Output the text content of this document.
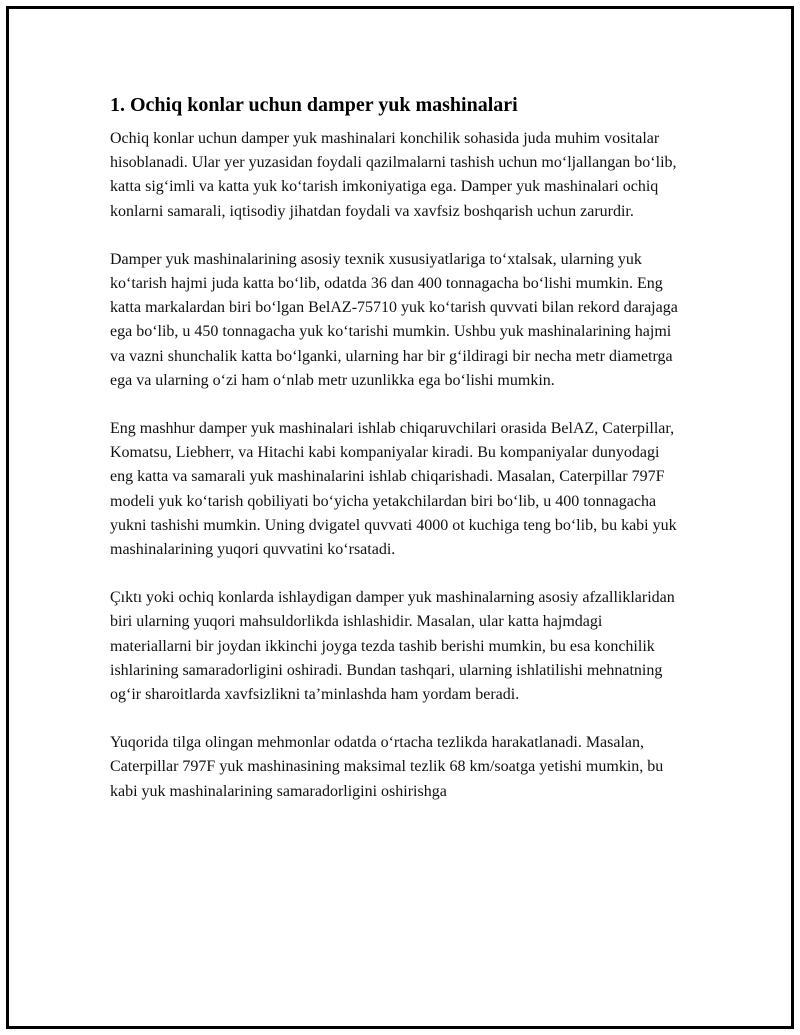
1. Ochiq konlar uchun damper yuk mashinalari

Ochiq konlar uchun damper yuk mashinalari konchilik sohasida juda muhim vositalar hisoblanadi. Ular yer yuzasidan foydali qazilmalarni tashish uchun mo‘ljallangan bo‘lib, katta sig‘imli va katta yuk ko‘tarish imkoniyatiga ega. Damper yuk mashinalari ochiq konlarni samarali, iqtisodiy jihatdan foydali va xavfsiz boshqarish uchun zarurdir.

Damper yuk mashinalarining asosiy texnik xususiyatlariga to‘xtalsak, ularning yuk ko‘tarish hajmi juda katta bo‘lib, odatda 36 dan 400 tonnagacha bo‘lishi mumkin. Eng katta markalardan biri bo‘lgan BelAZ-75710 yuk ko‘tarish quvvati bilan rekord darajaga ega bo‘lib, u 450 tonnagacha yuk ko‘tarishi mumkin. Ushbu yuk mashinalarining hajmi va vazni shunchalik katta bo‘lganki, ularning har bir g‘ildiragi bir necha metr diametrga ega va ularning o‘zi ham o‘nlab metr uzunlikka ega bo‘lishi mumkin.

Eng mashhur damper yuk mashinalari ishlab chiqaruvchilari orasida BelAZ, Caterpillar, Komatsu, Liebherr, va Hitachi kabi kompaniyalar kiradi. Bu kompaniyalar dunyodagi eng katta va samarali yuk mashinalarini ishlab chiqarishadi. Masalan, Caterpillar 797F modeli yuk ko‘tarish qobiliyati bo‘yicha yetakchilardan biri bo‘lib, u 400 tonnagacha yukni tashishi mumkin. Uning dvigatel quvvati 4000 ot kuchiga teng bo‘lib, bu kabi yuk mashinalarining yuqori quvvatini ko‘rsatadi.

Çıktı yoki ochiq konlarda ishlaydigan damper yuk mashinalarning asosiy afzalliklaridan biri ularning yuqori mahsuldorlikda ishlashidir. Masalan, ular katta hajmdagi materiallarni bir joydan ikkinchi joyga tezda tashib berishi mumkin, bu esa konchilik ishlarining samaradorligini oshiradi. Bundan tashqari, ularning ishlatilishi mehnatning og‘ir sharoitlarda xavfsizlikni ta’minlashda ham yordam beradi.

Yuqorida tilga olingan mehmonlar odatda o‘rtacha tezlikda harakatlanadi. Masalan, Caterpillar 797F yuk mashinasining maksimal tezlik 68 km/soatga yetishi mumkin, bu kabi yuk mashinalarining samaradorligini oshirishga
